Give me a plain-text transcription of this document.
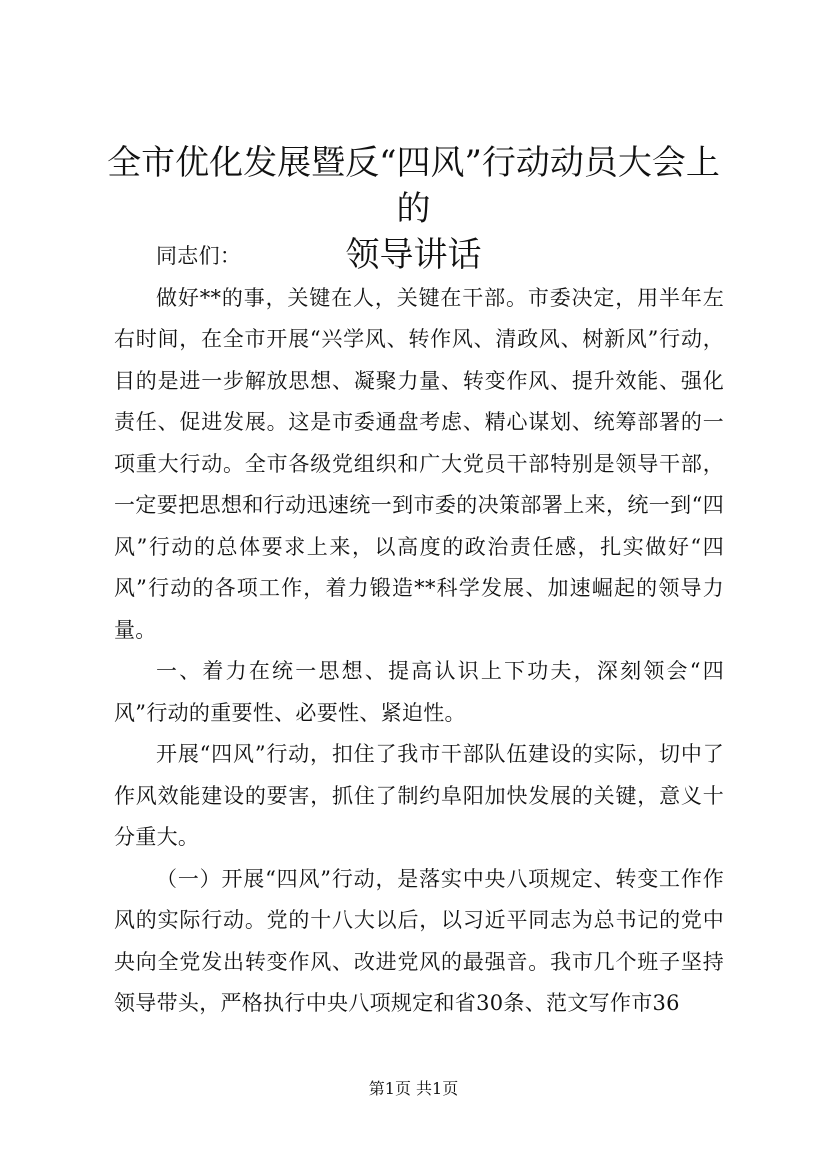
全市优化发展暨反“四风”行动动员大会上的
领导讲话

同志们：

做好**的事，关键在人，关键在干部。市委决定，用半年左右时间，在全市开展“兴学风、转作风、清政风、树新风”行动，目的是进一步解放思想、凝聚力量、转变作风、提升效能、强化责任、促进发展。这是市委通盘考虑、精心谋划、统筹部署的一项重大行动。全市各级党组织和广大党员干部特别是领导干部，一定要把思想和行动迅速统一到市委的决策部署上来，统一到“四风”行动的总体要求上来，以高度的政治责任感，扎实做好“四风”行动的各项工作，着力锻造**科学发展、加速崛起的领导力量。

一、着力在统一思想、提高认识上下功夫，深刻领会“四风”行动的重要性、必要性、紧迫性。

开展“四风”行动，扣住了我市干部队伍建设的实际，切中了作风效能建设的要害，抓住了制约阜阳加快发展的关键，意义十分重大。

（一）开展“四风”行动，是落实中央八项规定、转变工作作风的实际行动。党的十八大以后，以习近平同志为总书记的党中央向全党发出转变作风、改进党风的最强音。我市几个班子坚持领导带头，严格执行中央八项规定和省30条、范文写作市36

第1页 共1页
